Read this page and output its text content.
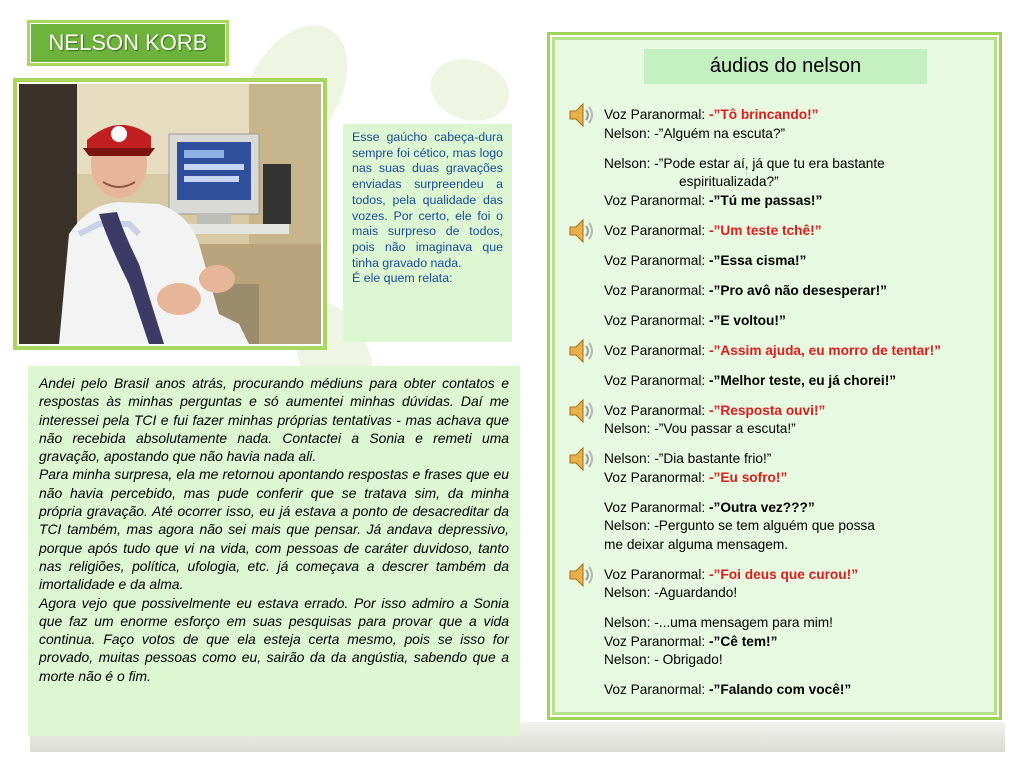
NELSON KORB
Esse gaúcho cabeça-dura sempre foi cético, mas logo nas suas duas gravações enviadas surpreendeu a todos, pela qualidade das vozes. Por certo, ele foi o mais surpreso de todos, pois não imaginava que tinha gravado nada.
É ele quem relata:

Andei pelo Brasil anos atrás, procurando médiuns para obter contatos e respostas às minhas perguntas e só aumentei minhas dúvidas. Daí me interessei pela TCI e fui fazer minhas próprias tentativas - mas achava que não recebida absolutamente nada. Contactei a Sonia e remeti uma gravação, apostando que não havia nada ali.

Para minha surpresa, ela me retornou apontando respostas e frases que eu não havia percebido, mas pude conferir que se tratava sim, da minha própria gravação. Até ocorrer isso, eu já estava a ponto de desacreditar da TCI também, mas agora não sei mais que pensar. Já andava depressivo, porque após tudo que vi na vida, com pessoas de caráter duvidoso, tanto nas religiões, política, ufologia, etc. já começava a descrer também da imortalidade e da alma.

Agora vejo que possivelmente eu estava errado. Por isso admiro a Sonia que faz um enorme esforço em suas pesquisas para provar que a vida continua. Faço votos de que ela esteja certa mesmo, pois se isso for provado, muitas pessoas como eu, sairão da da angústia, sabendo que a morte não é o fim.

áudios do nelson
Voz Paranormal: -”Tô brincando!”
Nelson: -”Alguém na escuta?”
Nelson: -”Pode estar aí, já que tu era bastante
espiritualizada?”
Voz Paranormal: -”Tú me passas!”
Voz Paranormal: -”Um teste tchê!”
Voz Paranormal: -”Essa cisma!”
Voz Paranormal: -”Pro avô não desesperar!”
Voz Paranormal: -”E voltou!”
Voz Paranormal: -”Assim ajuda, eu morro de tentar!”
Voz Paranormal: -”Melhor teste, eu já chorei!”
Voz Paranormal: -”Resposta ouvi!”
Nelson: -”Vou passar a escuta!”
Nelson: -”Dia bastante frio!”
Voz Paranormal: -”Eu sofro!”
Voz Paranormal: -”Outra vez???”
Nelson: -Pergunto se tem alguém que possa
me deixar alguma mensagem.
Voz Paranormal: -”Foi deus que curou!”
Nelson: -Aguardando!
Nelson: -...uma mensagem para mim!
Voz Paranormal: -”Cê tem!”
Nelson: - Obrigado!
Voz Paranormal: -”Falando com você!”
